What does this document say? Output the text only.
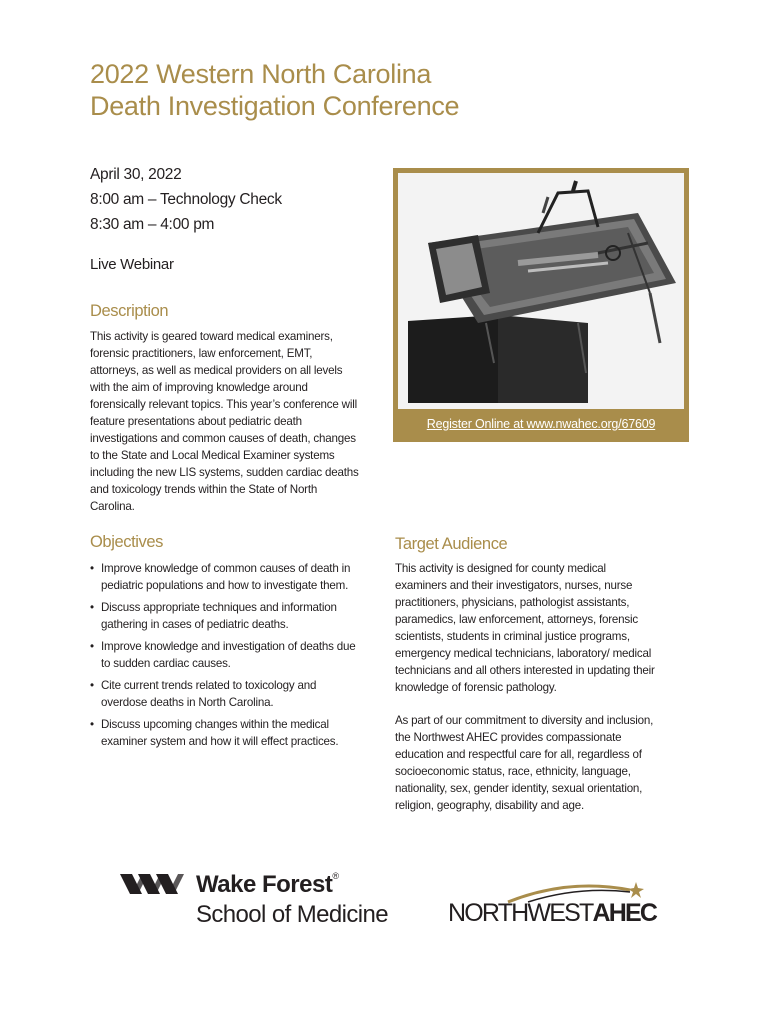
2022 Western North Carolina
Death Investigation Conference
April 30, 2022
8:00 am – Technology Check
8:30 am – 4:00 pm
Live Webinar
Description
This activity is geared toward medical examiners,
forensic practitioners, law enforcement, EMT,
attorneys, as well as medical providers on all levels
with the aim of improving knowledge around
forensically relevant topics. This year’s conference will
feature presentations about pediatric death
investigations and common causes of death, changes
to the State and Local Medical Examiner systems
including the new LIS systems, sudden cardiac deaths
and toxicology trends within the State of North
Carolina.
Register Online at www.nwahec.org/67609
Objectives
• Improve knowledge of common causes of death in
pediatric populations and how to investigate them.
• Discuss appropriate techniques and information
gathering in cases of pediatric deaths.
• Improve knowledge and investigation of deaths due
to sudden cardiac causes.
• Cite current trends related to toxicology and
overdose deaths in North Carolina.
• Discuss upcoming changes within the medical
examiner system and how it will effect practices.
Target Audience
This activity is designed for county medical
examiners and their investigators, nurses, nurse
practitioners, physicians, pathologist assistants,
paramedics, law enforcement, attorneys, forensic
scientists, students in criminal justice programs,
emergency medical technicians, laboratory/ medical
technicians and all others interested in updating their
knowledge of forensic pathology.
As part of our commitment to diversity and inclusion,
the Northwest AHEC provides compassionate
education and respectful care for all, regardless of
socioeconomic status, race, ethnicity, language,
nationality, sex, gender identity, sexual orientation,
religion, geography, disability and age.
Wake Forest®
School of Medicine NORTHWESTAHEC
